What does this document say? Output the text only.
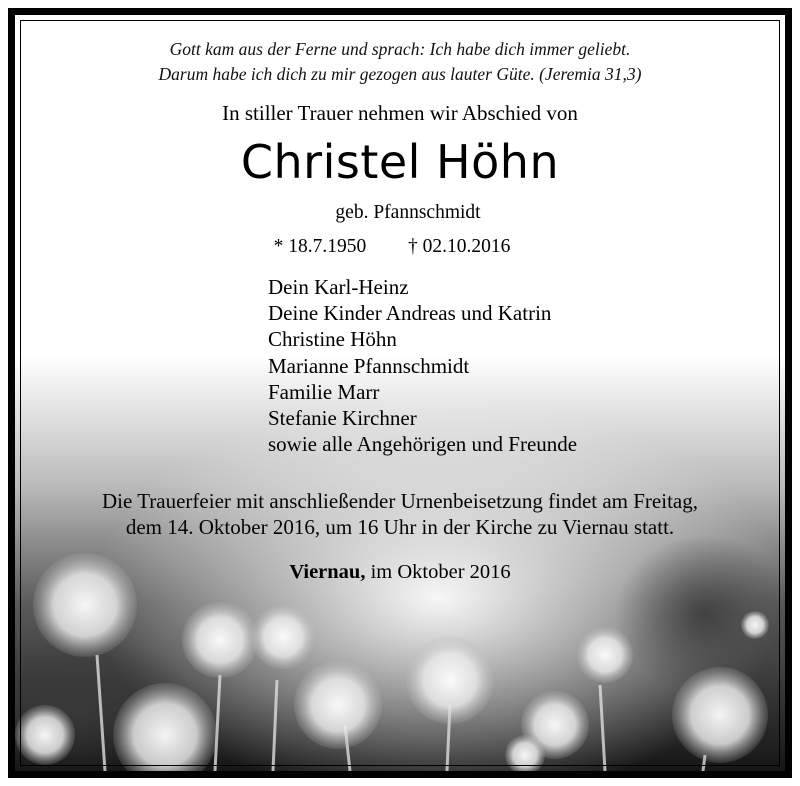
Gott kam aus der Ferne und sprach: Ich habe dich immer geliebt.
Darum habe ich dich zu mir gezogen aus lauter Güte. (Jeremia 31,3)
In stiller Trauer nehmen wir Abschied von
Christel Höhn
geb. Pfannschmidt
* 18.7.1950 † 02.10.2016
Dein Karl-Heinz
Deine Kinder Andreas und Katrin
Christine Höhn
Marianne Pfannschmidt
Familie Marr
Stefanie Kirchner
sowie alle Angehörigen und Freunde
Die Trauerfeier mit anschließender Urnenbeisetzung findet am Freitag,
dem 14. Oktober 2016, um 16 Uhr in der Kirche zu Viernau statt.
Viernau, im Oktober 2016
